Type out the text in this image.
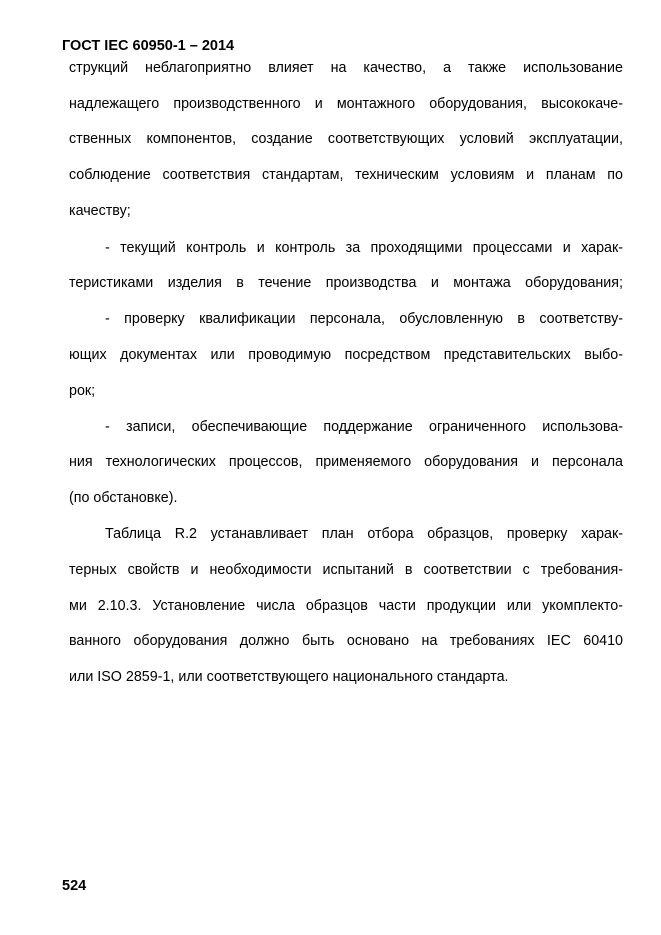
ГОСТ IEC 60950-1 – 2014
струкций неблагоприятно влияет на качество, а также использование
надлежащего производственного и монтажного оборудования, высококаче-
ственных компонентов, создание соответствующих условий эксплуатации,
соблюдение соответствия стандартам, техническим условиям и планам по
качеству;
- текущий контроль и контроль за проходящими процессами и харак-
теристиками изделия в течение производства и монтажа оборудования;
- проверку квалификации персонала, обусловленную в соответству-
ющих документах или проводимую посредством представительских выбо-
рок;
- записи, обеспечивающие поддержание ограниченного использова-
ния технологических процессов, применяемого оборудования и персонала
(по обстановке).
Таблица R.2 устанавливает план отбора образцов, проверку харак-
терных свойств и необходимости испытаний в соответствии с требования-
ми 2.10.3. Установление числа образцов части продукции или укомплекто-
ванного оборудования должно быть основано на требованиях IEC 60410
или ISO 2859-1, или соответствующего национального стандарта.
524
